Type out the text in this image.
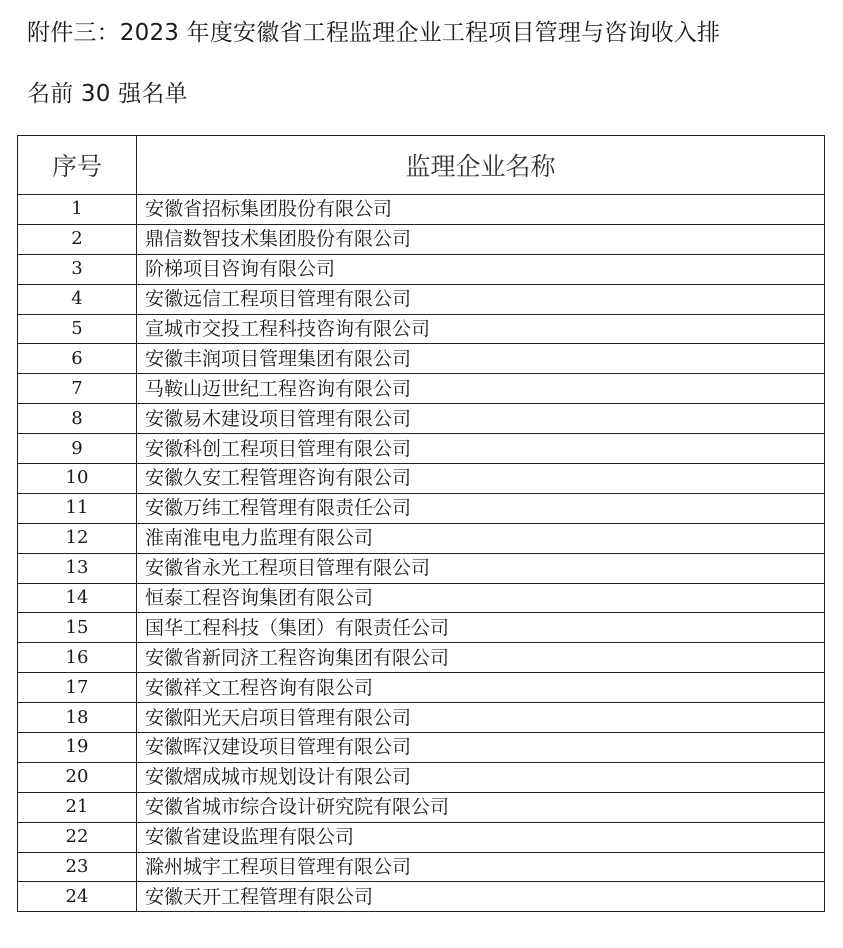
附件三：2023 年度安徽省工程监理企业工程项目管理与咨询收入排
名前 30 强名单
序号	监理企业名称
1	安徽省招标集团股份有限公司
2	鼎信数智技术集团股份有限公司
3	阶梯项目咨询有限公司
4	安徽远信工程项目管理有限公司
5	宣城市交投工程科技咨询有限公司
6	安徽丰润项目管理集团有限公司
7	马鞍山迈世纪工程咨询有限公司
8	安徽易木建设项目管理有限公司
9	安徽科创工程项目管理有限公司
10	安徽久安工程管理咨询有限公司
11	安徽万纬工程管理有限责任公司
12	淮南淮电电力监理有限公司
13	安徽省永光工程项目管理有限公司
14	恒泰工程咨询集团有限公司
15	国华工程科技（集团）有限责任公司
16	安徽省新同济工程咨询集团有限公司
17	安徽祥文工程咨询有限公司
18	安徽阳光天启项目管理有限公司
19	安徽晖汉建设项目管理有限公司
20	安徽熠成城市规划设计有限公司
21	安徽省城市综合设计研究院有限公司
22	安徽省建设监理有限公司
23	滁州城宇工程项目管理有限公司
24	安徽天开工程管理有限公司
